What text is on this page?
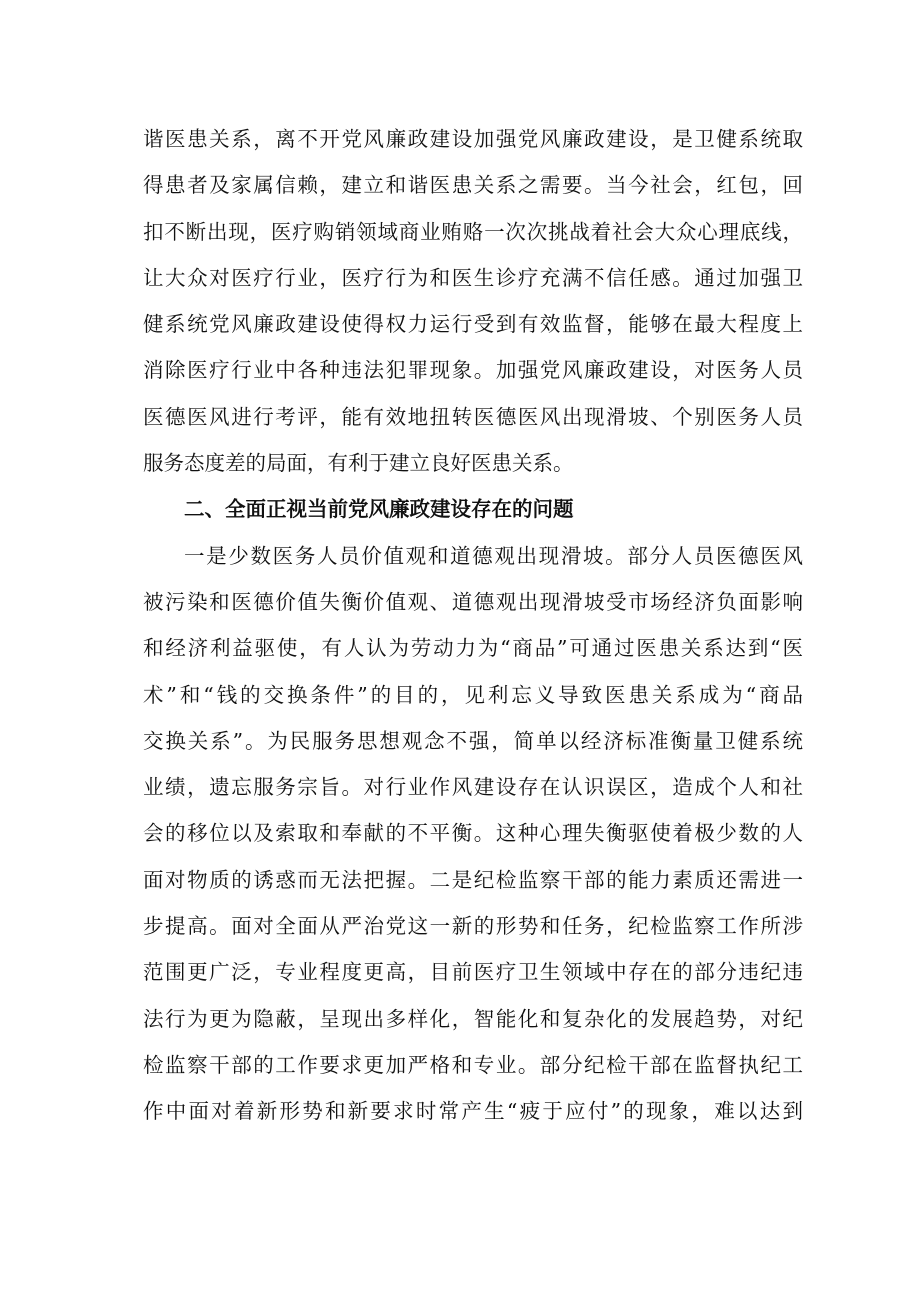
谐医患关系，离不开党风廉政建设加强党风廉政建设，是卫健系统取
得患者及家属信赖，建立和谐医患关系之需要。当今社会，红包，回
扣不断出现，医疗购销领域商业贿赂一次次挑战着社会大众心理底线，
让大众对医疗行业，医疗行为和医生诊疗充满不信任感。通过加强卫
健系统党风廉政建设使得权力运行受到有效监督，能够在最大程度上
消除医疗行业中各种违法犯罪现象。加强党风廉政建设，对医务人员
医德医风进行考评，能有效地扭转医德医风出现滑坡、个别医务人员
服务态度差的局面，有利于建立良好医患关系。
二、全面正视当前党风廉政建设存在的问题
一是少数医务人员价值观和道德观出现滑坡。部分人员医德医风
被污染和医德价值失衡价值观、道德观出现滑坡受市场经济负面影响
和经济利益驱使，有人认为劳动力为“商品”可通过医患关系达到“医
术”和“钱的交换条件”的目的，见利忘义导致医患关系成为“商品
交换关系”。为民服务思想观念不强，简单以经济标准衡量卫健系统
业绩，遗忘服务宗旨。对行业作风建设存在认识误区，造成个人和社
会的移位以及索取和奉献的不平衡。这种心理失衡驱使着极少数的人
面对物质的诱惑而无法把握。二是纪检监察干部的能力素质还需进一
步提高。面对全面从严治党这一新的形势和任务，纪检监察工作所涉
范围更广泛，专业程度更高，目前医疗卫生领域中存在的部分违纪违
法行为更为隐蔽，呈现出多样化，智能化和复杂化的发展趋势，对纪
检监察干部的工作要求更加严格和专业。部分纪检干部在监督执纪工
作中面对着新形势和新要求时常产生“疲于应付”的现象，难以达到
